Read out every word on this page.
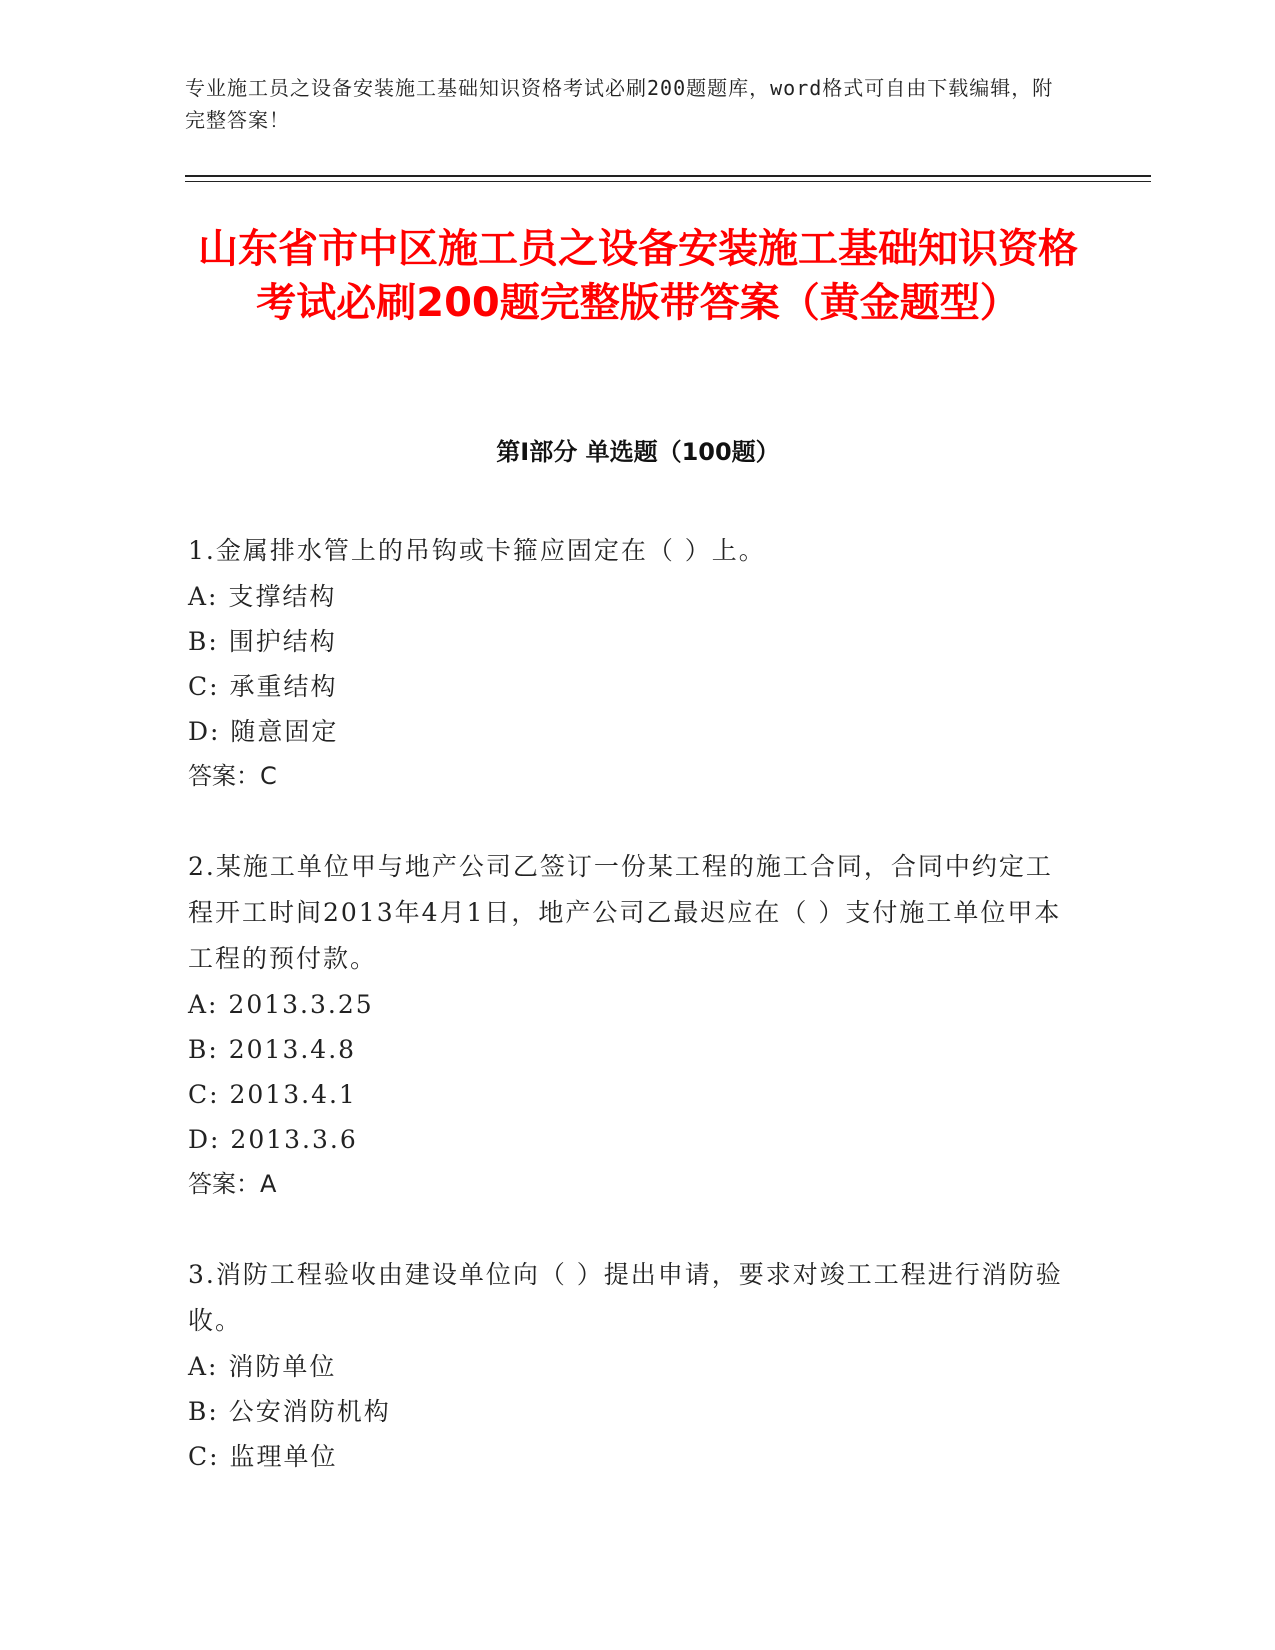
专业施工员之设备安装施工基础知识资格考试必刷200题题库，word格式可自由下载编辑，附完整答案！
山东省市中区施工员之设备安装施工基础知识资格考试必刷200题完整版带答案（黄金题型）
第I部分 单选题（100题）
1.金属排水管上的吊钩或卡箍应固定在（ ）上。
A: 支撑结构
B: 围护结构
C: 承重结构
D: 随意固定
答案：C
2.某施工单位甲与地产公司乙签订一份某工程的施工合同，合同中约定工程开工时间2013年4月1日，地产公司乙最迟应在（ ）支付施工单位甲本工程的预付款。
A: 2013.3.25
B: 2013.4.8
C: 2013.4.1
D: 2013.3.6
答案：A
3.消防工程验收由建设单位向（ ）提出申请，要求对竣工工程进行消防验收。
A: 消防单位
B: 公安消防机构
C: 监理单位
